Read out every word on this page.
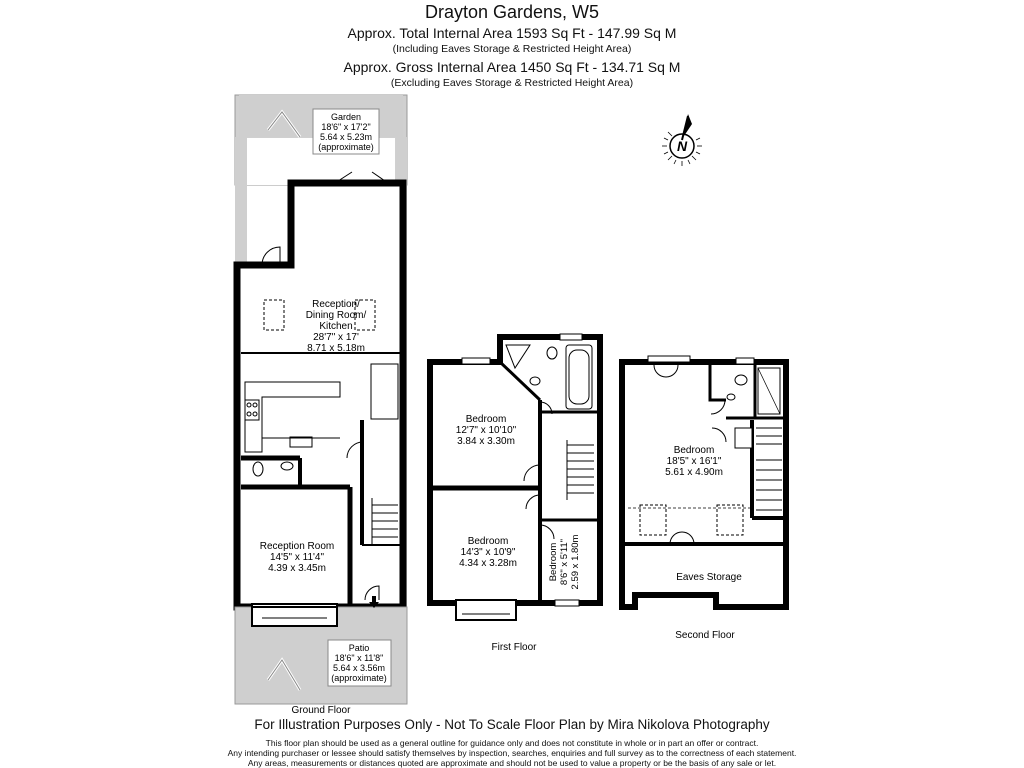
Drayton Gardens, W5
Approx. Total Internal Area 1593 Sq Ft - 147.99 Sq M
(Including Eaves Storage & Restricted Height Area)
Approx. Gross Internal Area 1450 Sq Ft - 134.71 Sq M
(Excluding Eaves Storage & Restricted Height Area)
Garden
18'6" x 17'2"
5.64 x 5.23m
(approximate)
Patio
18'6" x 11'8"
5.64 x 3.56m
(approximate)
Reception/
Dining Room/
Kitchen
28'7" x 17'
8.71 x 5.18m
Reception Room
14'5" x 11'4"
4.39 x 3.45m
Ground Floor
Bedroom
12'7" x 10'10"
3.84 x 3.30m
Bedroom
14'3" x 10'9"
4.34 x 3.28m	Bedroom 8'6" x 5'11" 2.59 x 1.80m
First Floor
Bedroom
18'5" x 16'1"
5.61 x 4.90m
Eaves Storage
Second Floor
N
For Illustration Purposes Only - Not To Scale Floor Plan by Mira Nikolova Photography
This floor plan should be used as a general outline for guidance only and does not constitute in whole or in part an offer or contract.
Any intending purchaser or lessee should satisfy themselves by inspection, searches, enquiries and full survey as to the correctness of each statement.
Any areas, measurements or distances quoted are approximate and should not be used to value a property or be the basis of any sale or let.
